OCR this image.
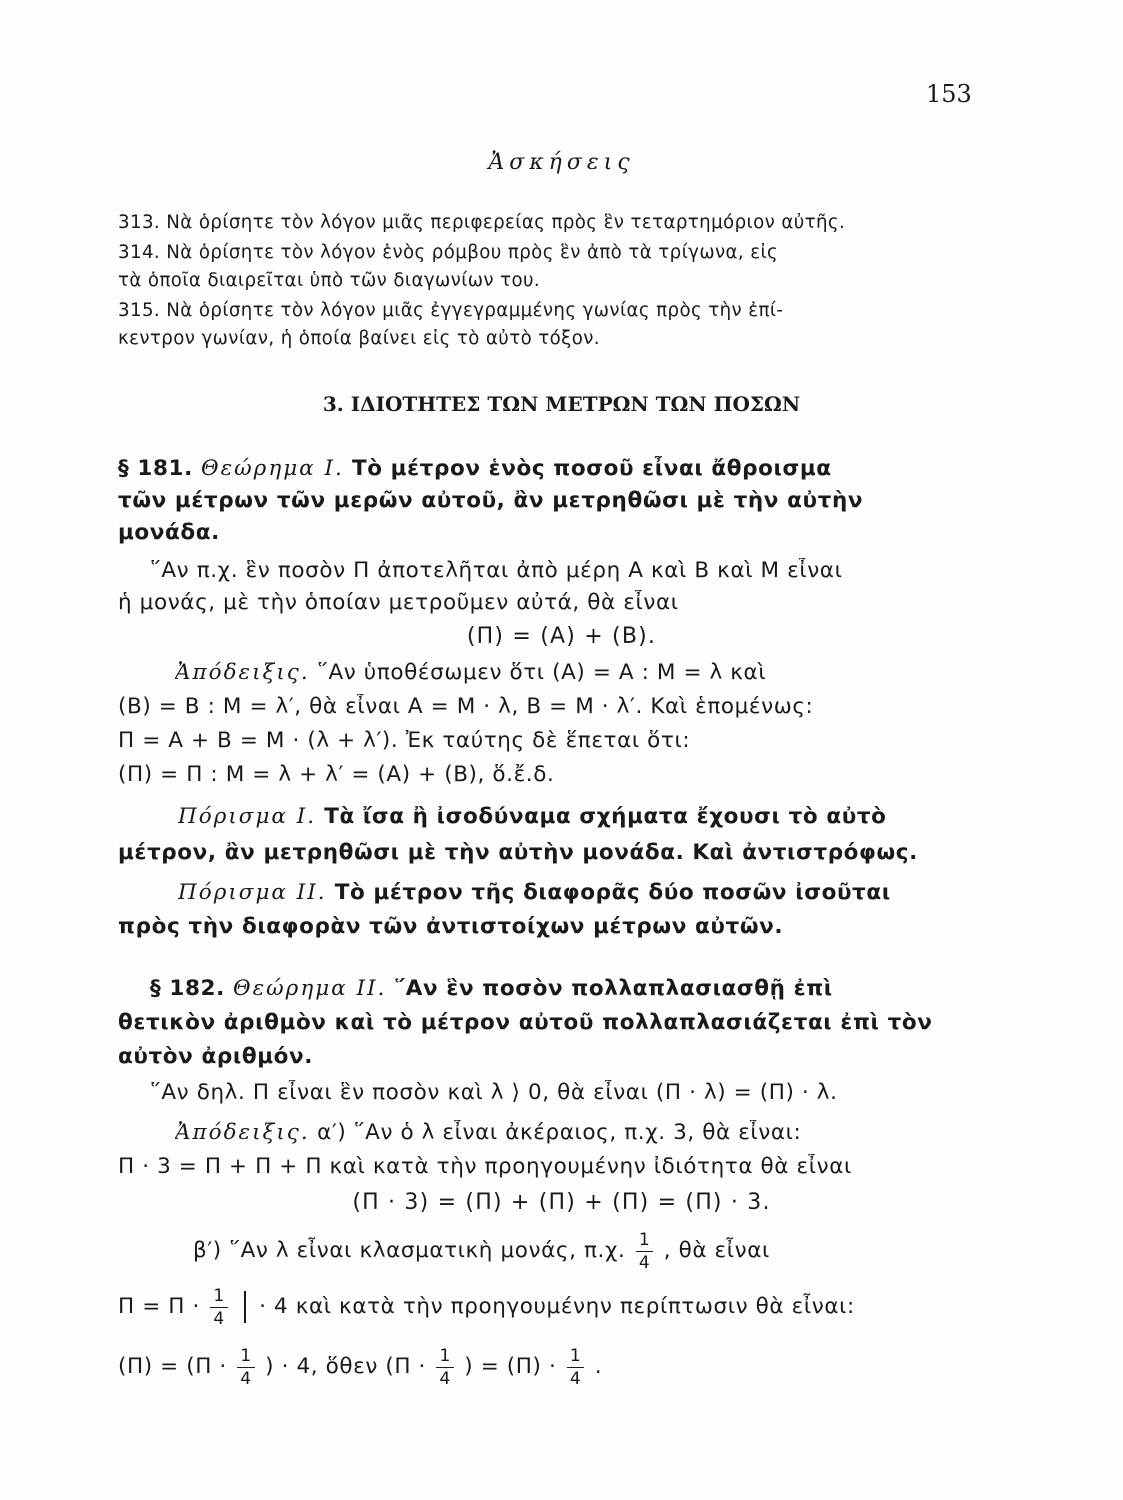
153
Ἀσκήσεις
313. Νὰ ὁρίσητε τὸν λόγον μιᾶς περιφερείας πρὸς ἓν τεταρτημόριον αὐτῆς.
314. Νὰ ὁρίσητε τὸν λόγον ἑνὸς ρόμβου πρὸς ἓν ἀπὸ τὰ τρίγωνα, εἰς
τὰ ὁποῖα διαιρεῖται ὑπὸ τῶν διαγωνίων του.
315. Νὰ ὁρίσητε τὸν λόγον μιᾶς ἐγγεγραμμένης γωνίας πρὸς τὴν ἐπί-
κεντρον γωνίαν, ἡ ὁποία βαίνει εἰς τὸ αὐτὸ τόξον.
3. ΙΔΙΟΤΗΤΕΣ ΤΩΝ ΜΕΤΡΩΝ ΤΩΝ ΠΟΣΩΝ
§ 181. Θεώρημα Ι. Τὸ μέτρον ἑνὸς ποσοῦ εἶναι ἄθροισμα
τῶν μέτρων τῶν μερῶν αὐτοῦ, ἂν μετρηθῶσι μὲ τὴν αὐτὴν
μονάδα.
῞Αν π.χ. ἓν ποσὸν Π ἀποτελῆται ἀπὸ μέρη Α καὶ Β καὶ Μ εἶναι
ἡ μονάς, μὲ τὴν ὁποίαν μετροῦμεν αὐτά, θὰ εἶναι
(Π) = (Α) + (Β).
Ἀπόδειξις. ῞Αν ὑποθέσωμεν ὅτι (Α) = Α : Μ = λ καὶ
(Β) = Β : Μ = λ′, θὰ εἶναι Α = Μ · λ, Β = Μ · λ′. Καὶ ἑπομένως:
Π = Α + Β = Μ · (λ + λ′). Ἐκ ταύτης δὲ ἕπεται ὅτι:
(Π) = Π : Μ = λ + λ′ = (Α) + (Β), ὅ.ἔ.δ.
Πόρισμα Ι. Τὰ ἴσα ἢ ἰσοδύναμα σχήματα ἔχουσι τὸ αὐτὸ
μέτρον, ἂν μετρηθῶσι μὲ τὴν αὐτὴν μονάδα. Καὶ ἀντιστρόφως.
Πόρισμα ΙΙ. Τὸ μέτρον τῆς διαφορᾶς δύο ποσῶν ἰσοῦται
πρὸς τὴν διαφορὰν τῶν ἀντιστοίχων μέτρων αὐτῶν.
§ 182. Θεώρημα ΙΙ. ῞Αν ἓν ποσὸν πολλαπλασιασθῇ ἐπὶ
θετικὸν ἀριθμὸν καὶ τὸ μέτρον αὐτοῦ πολλαπλασιάζεται ἐπὶ τὸν
αὐτὸν ἀριθμόν.
῞Αν δηλ. Π εἶναι ἓν ποσὸν καὶ λ ⟩ 0, θὰ εἶναι (Π · λ) = (Π) · λ.
Ἀπόδειξις. α′) ῞Αν ὁ λ εἶναι ἀκέραιος, π.χ. 3, θὰ εἶναι:
Π · 3 = Π + Π + Π καὶ κατὰ τὴν προηγουμένην ἰδιότητα θὰ εἶναι
(Π · 3) = (Π) + (Π) + (Π) = (Π) · 3.
β′) ῞Αν λ εἶναι κλασματικὴ μονάς, π.χ. $\frac{1}{4}$ , θὰ εἶναι
$\Pi = \Pi \cdot \frac{1}{4} \cdot 4$ καὶ κατὰ τὴν προηγουμένην περίπτωσιν θὰ εἶναι:
$(\Pi) = (\Pi \cdot \frac{1}{4}$ ) · 4, ὅθεν ($\Pi \cdot \frac{1}{4}$ ) = $(\Pi) \cdot \frac{1}{4}$ .
